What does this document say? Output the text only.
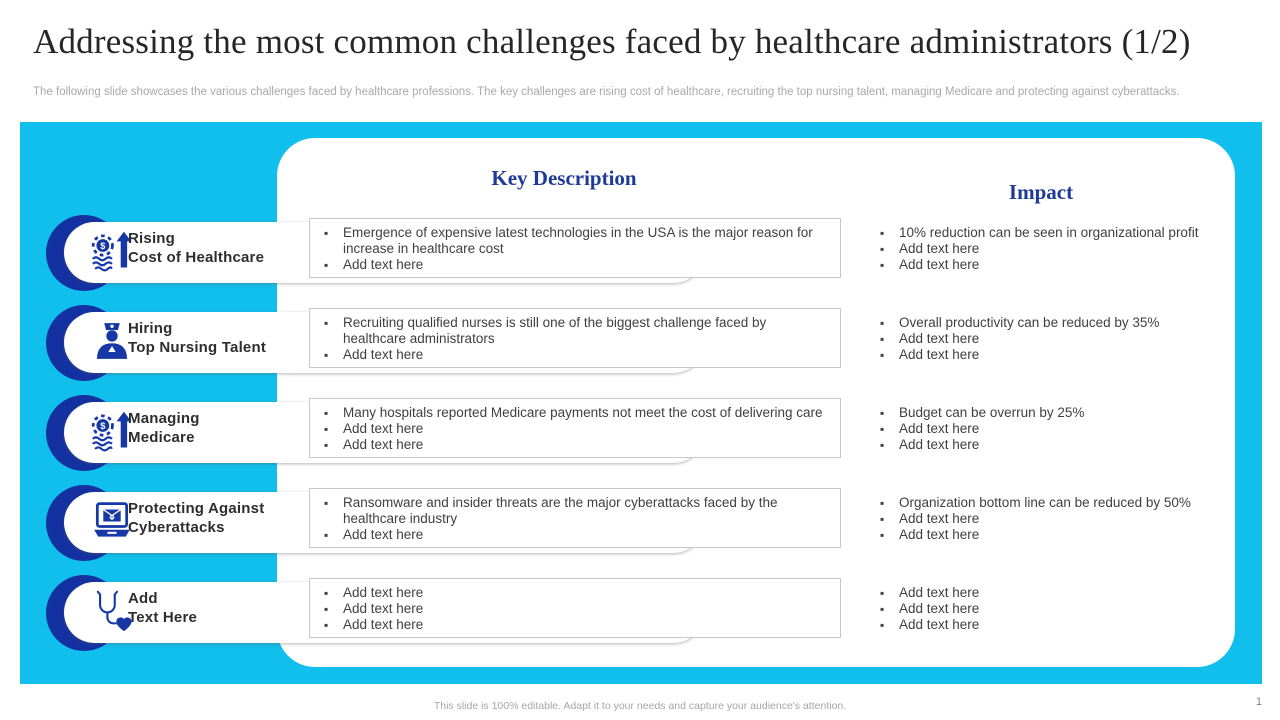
Addressing the most common challenges faced by healthcare administrators (1/2)

The following slide showcases the various challenges faced by healthcare professions. The key challenges are rising cost of healthcare, recruiting the top nursing talent, managing Medicare and protecting against cyberattacks.

Key Description
Impact
$ Rising
Cost of Healthcare
▪ Emergence of expensive latest technologies in the USA is the major reason for increase in healthcare cost
▪ Add text here
▪ 10% reduction can be seen in organizational profit
▪ Add text here
▪ Add text here
Hiring
Top Nursing Talent
▪ Recruiting qualified nurses is still one of the biggest challenge faced by healthcare administrators
▪ Add text here
▪ Overall productivity can be reduced by 35%
▪ Add text here
▪ Add text here
$ Managing
Medicare
▪ Many hospitals reported Medicare payments not meet the cost of delivering care
▪ Add text here
▪ Add text here
▪ Budget can be overrun by 25%
▪ Add text here
▪ Add text here
Protecting Against
Cyberattacks
▪ Ransomware and insider threats are the major cyberattacks faced by the healthcare industry
▪ Add text here
▪ Organization bottom line can be reduced by 50%
▪ Add text here
▪ Add text here
Add
Text Here
▪ Add text here
▪ Add text here
▪ Add text here
▪ Add text here
▪ Add text here
▪ Add text here
This slide is 100% editable. Adapt it to your needs and capture your audience's attention.	1
